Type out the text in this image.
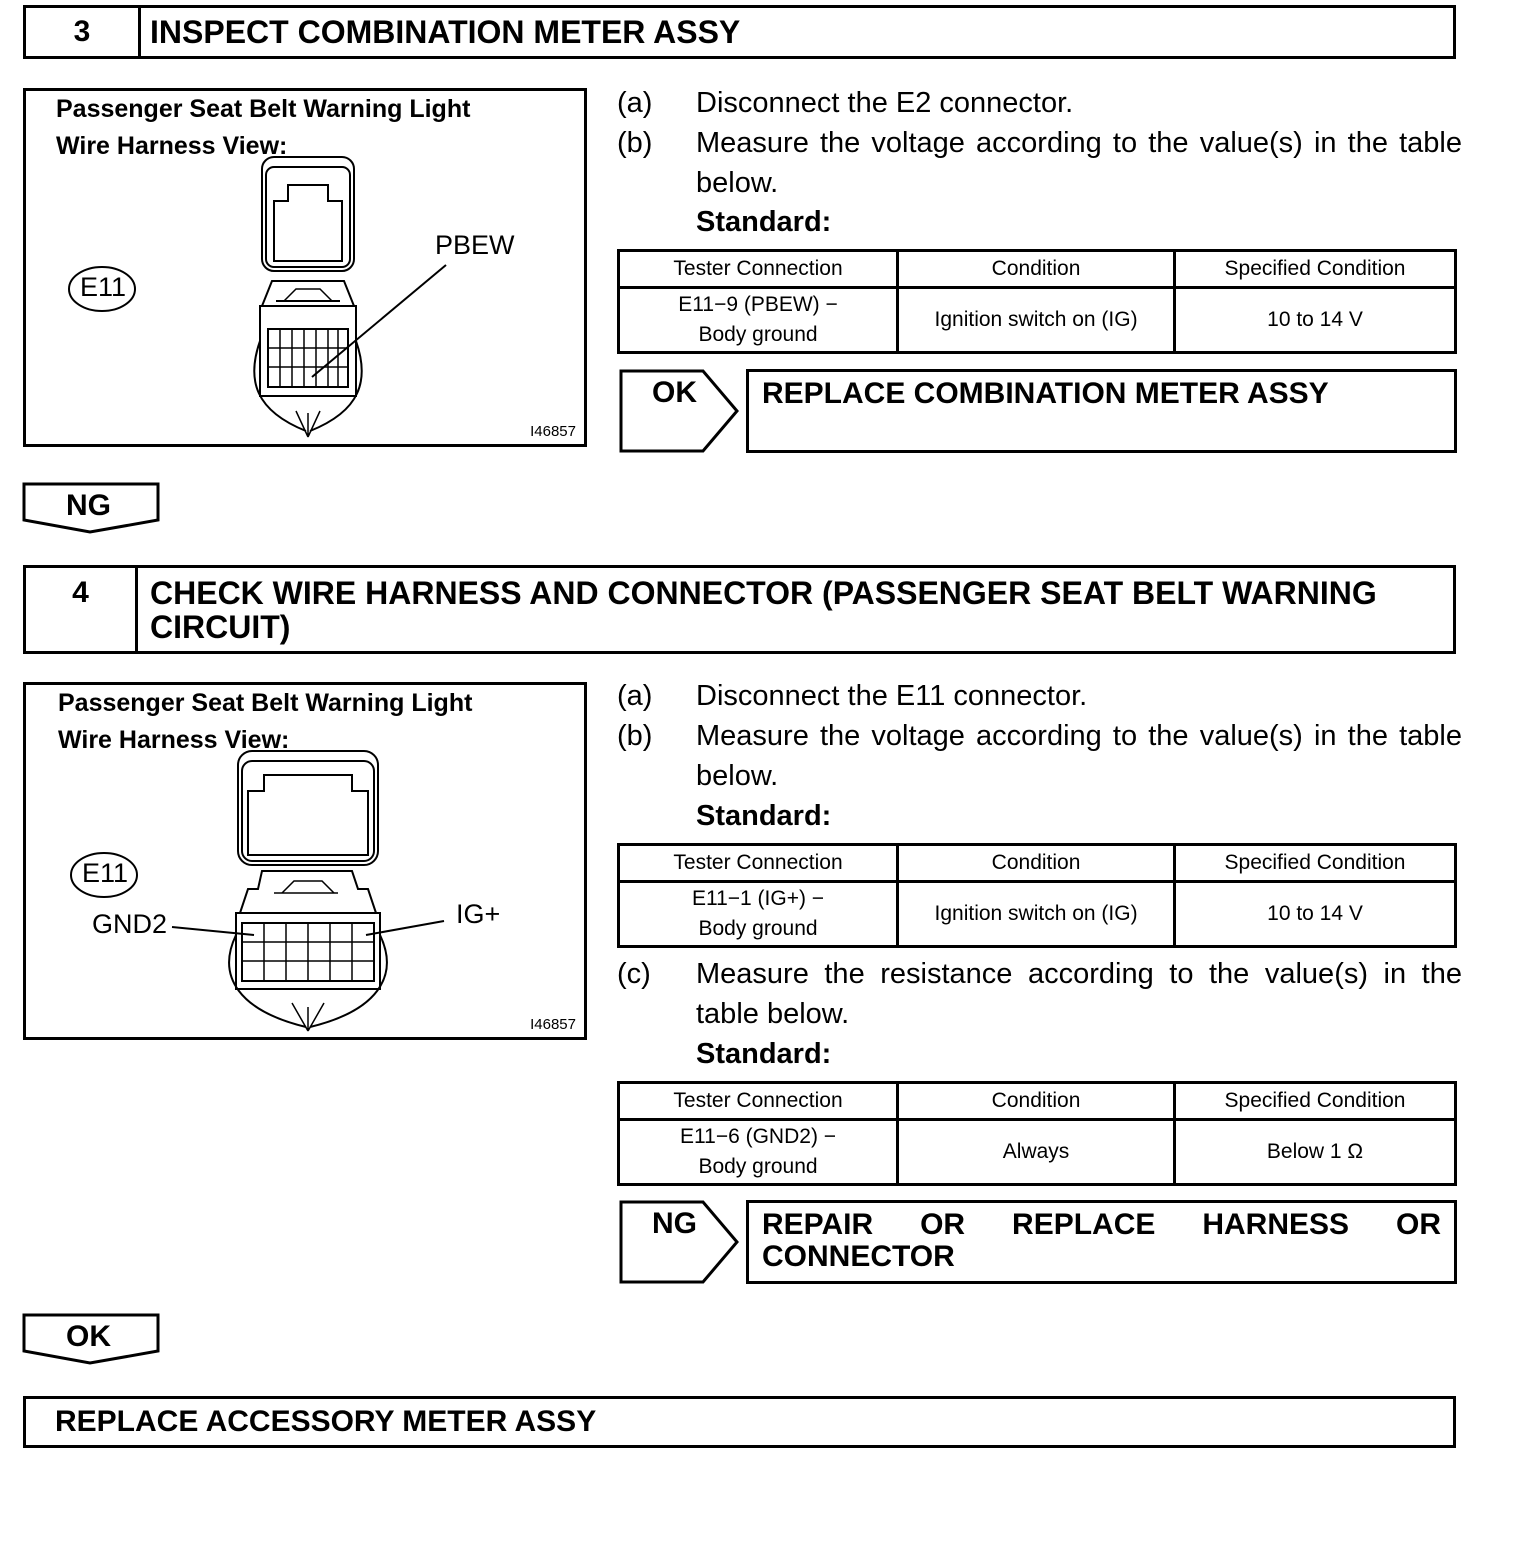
3	INSPECT COMBINATION METER ASSY
Passenger Seat Belt Warning Light
Wire Harness View:
E11
PBEW
I46857
(a) Disconnect the E2 connector.
(b) Measure the voltage according to the value(s) in the table below.
Standard:
Tester Connection	Condition	Specified Condition
E11−9 (PBEW) −
Body ground	Ignition switch on (IG)	10 to 14 V
OK REPLACE COMBINATION METER ASSY
NG
4	CHECK WIRE HARNESS AND CONNECTOR (PASSENGER SEAT BELT WARNING CIRCUIT)
Passenger Seat Belt Warning Light
Wire Harness View:
E11
GND2	IG+
I46857
(a) Disconnect the E11 connector.
(b) Measure the voltage according to the value(s) in the table below.
Standard:
Tester Connection	Condition	Specified Condition
E11−1 (IG+) −
Body ground	Ignition switch on (IG)	10 to 14 V
(c) Measure the resistance according to the value(s) in the table below.
Standard:
Tester Connection	Condition	Specified Condition
E11−6 (GND2) −
Body ground	Always	Below 1 Ω
NG REPAIR OR REPLACE HARNESS OR
CONNECTOR
OK
REPLACE ACCESSORY METER ASSY
